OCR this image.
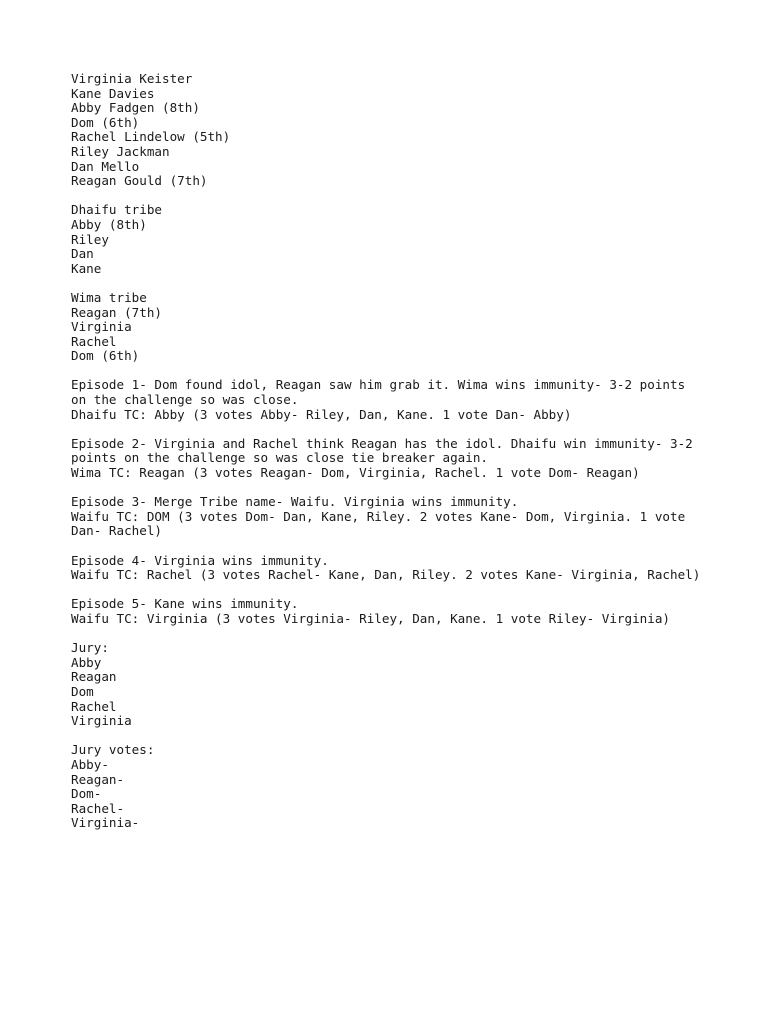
Virginia Keister
Kane Davies
Abby Fadgen (8th)
Dom (6th)
Rachel Lindelow (5th)
Riley Jackman
Dan Mello
Reagan Gould (7th)
Dhaifu tribe
Abby (8th)
Riley
Dan
Kane
Wima tribe
Reagan (7th)
Virginia
Rachel
Dom (6th)
Episode 1- Dom found idol, Reagan saw him grab it. Wima wins immunity- 3-2 points
on the challenge so was close.
Dhaifu TC: Abby (3 votes Abby- Riley, Dan, Kane. 1 vote Dan- Abby)
Episode 2- Virginia and Rachel think Reagan has the idol. Dhaifu win immunity- 3-2
points on the challenge so was close tie breaker again.
Wima TC: Reagan (3 votes Reagan- Dom, Virginia, Rachel. 1 vote Dom- Reagan)
Episode 3- Merge Tribe name- Waifu. Virginia wins immunity.
Waifu TC: DOM (3 votes Dom- Dan, Kane, Riley. 2 votes Kane- Dom, Virginia. 1 vote
Dan- Rachel)
Episode 4- Virginia wins immunity.
Waifu TC: Rachel (3 votes Rachel- Kane, Dan, Riley. 2 votes Kane- Virginia, Rachel)
Episode 5- Kane wins immunity.
Waifu TC: Virginia (3 votes Virginia- Riley, Dan, Kane. 1 vote Riley- Virginia)
Jury:
Abby
Reagan
Dom
Rachel
Virginia
Jury votes:
Abby-
Reagan-
Dom-
Rachel-
Virginia-
